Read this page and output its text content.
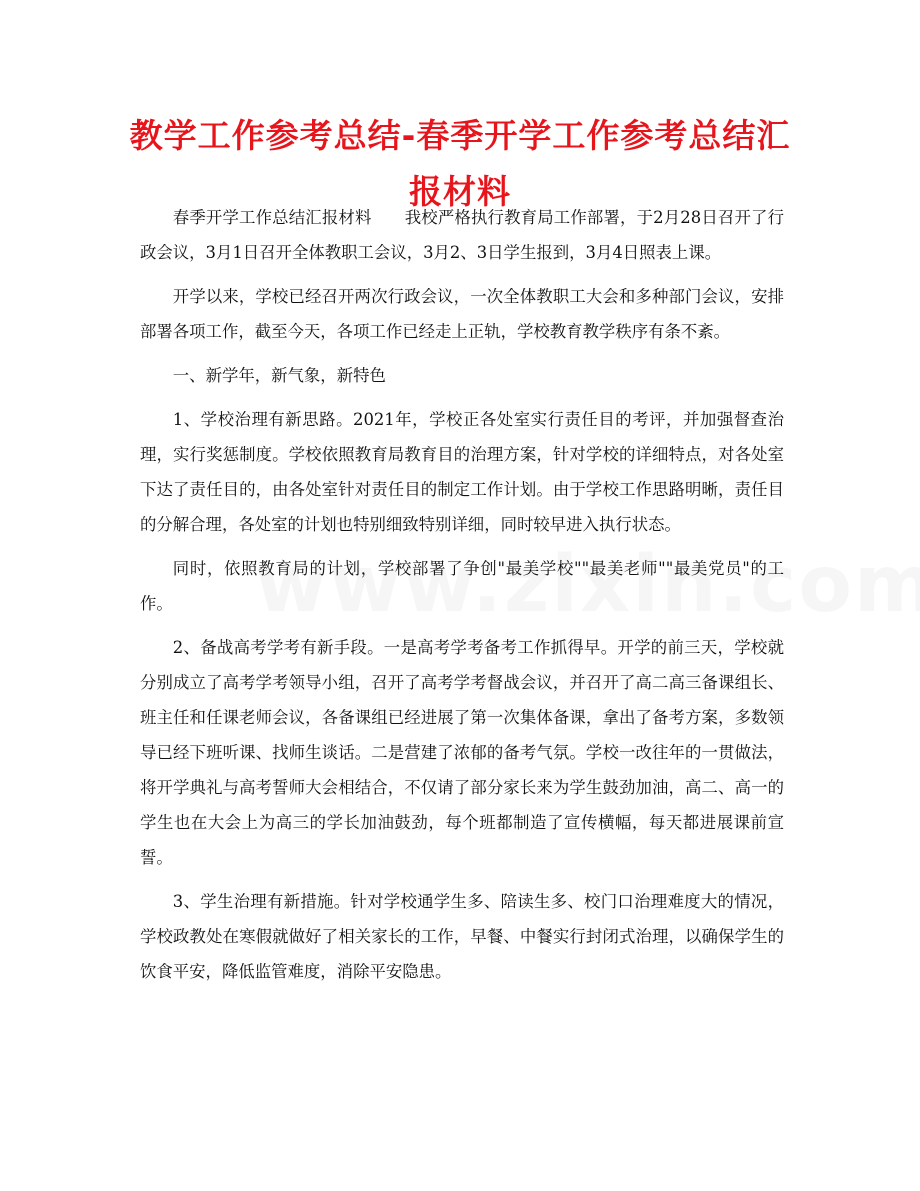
教学工作参考总结-春季开学工作参考总结汇报材料

春季开学工作总结汇报材料　　我校严格执行教育局工作部署，于2月28日召开了行政会议，3月1日召开全体教职工会议，3月2、3日学生报到，3月4日照表上课。

开学以来，学校已经召开两次行政会议，一次全体教职工大会和多种部门会议，安排部署各项工作，截至今天，各项工作已经走上正轨，学校教育教学秩序有条不紊。

一、新学年，新气象，新特色

1、学校治理有新思路。2021年，学校正各处室实行责任目的考评，并加强督查治理，实行奖惩制度。学校依照教育局教育目的治理方案，针对学校的详细特点，对各处室下达了责任目的，由各处室针对责任目的制定工作计划。由于学校工作思路明晰，责任目的分解合理，各处室的计划也特别细致特别详细，同时较早进入执行状态。

同时，依照教育局的计划，学校部署了争创"最美学校""最美老师""最美党员"的工作。

2、备战高考学考有新手段。一是高考学考备考工作抓得早。开学的前三天，学校就分别成立了高考学考领导小组，召开了高考学考督战会议，并召开了高二高三备课组长、班主任和任课老师会议，各备课组已经进展了第一次集体备课，拿出了备考方案，多数领导已经下班听课、找师生谈话。二是营建了浓郁的备考气氛。学校一改往年的一贯做法，将开学典礼与高考誓师大会相结合，不仅请了部分家长来为学生鼓劲加油，高二、高一的学生也在大会上为高三的学长加油鼓劲，每个班都制造了宣传横幅，每天都进展课前宣誓。

3、学生治理有新措施。针对学校通学生多、陪读生多、校门口治理难度大的情况，学校政教处在寒假就做好了相关家长的工作，早餐、中餐实行封闭式治理，以确保学生的饮食平安，降低监管难度，消除平安隐患。
